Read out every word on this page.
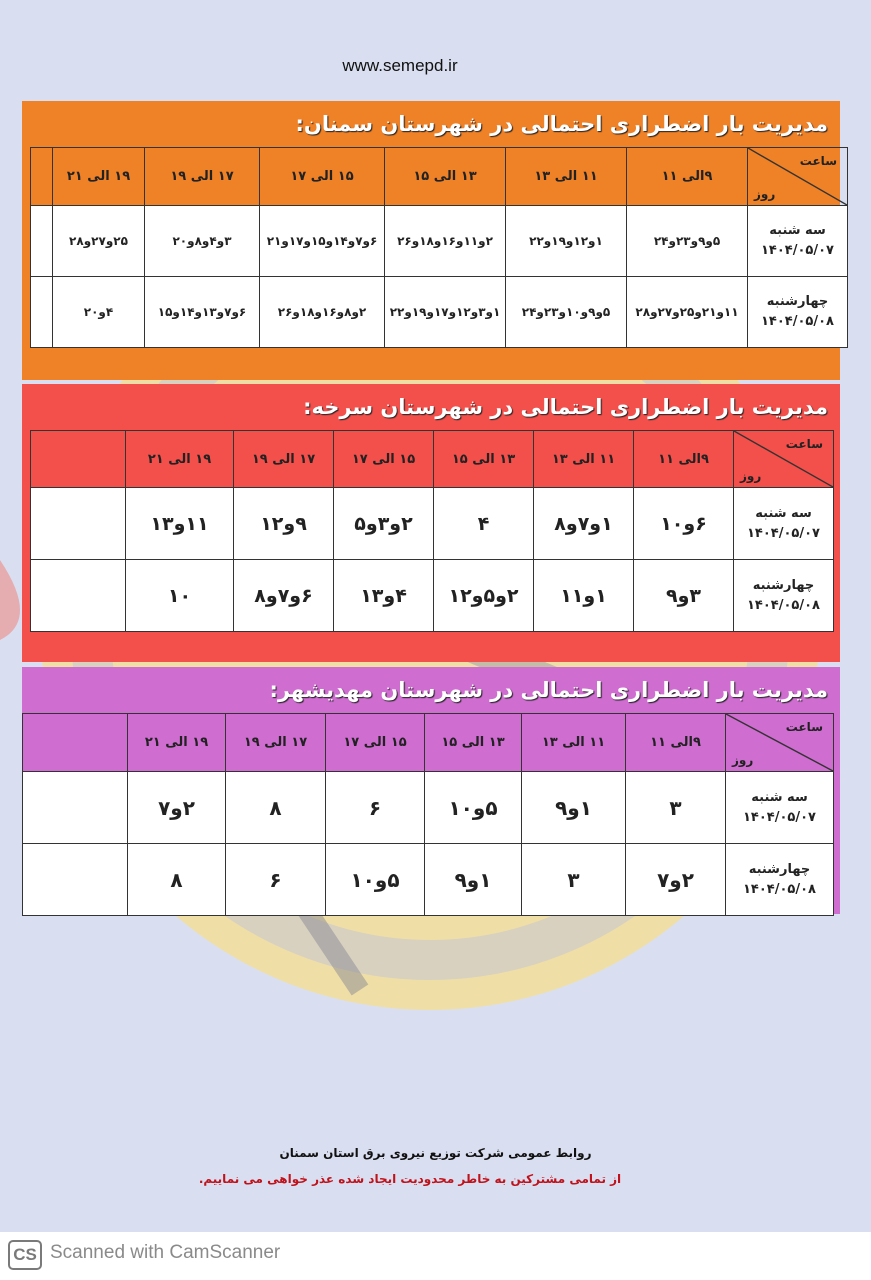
www.semepd.ir
مدیریت بار اضطراری احتمالی در شهرستان سمنان:
ساعت
روز	۹الی ۱۱	۱۱ الی ۱۳	۱۳ الی ۱۵	۱۵ الی ۱۷	۱۷ الی ۱۹	۱۹ الی ۲۱	

سه شنبه
۱۴۰۴/۰۵/۰۷	۵و۹و۲۳و۲۴	۱و۱۲و۱۹و۲۲	۲و۱۱و۱۶و۱۸و۲۶	۶و۷و۱۴و۱۵و۱۷و۲۱	۳و۴و۸و۲۰	۲۵و۲۷و۲۸	

چهارشنبه
۱۴۰۴/۰۵/۰۸	۱۱و۲۱و۲۵و۲۷و۲۸	۵و۹و۱۰و۲۳و۲۴	۱و۳و۱۲و۱۷و۱۹و۲۲	۲و۸و۱۶و۱۸و۲۶	۶و۷و۱۳و۱۴و۱۵	۴و۲۰	
مدیریت بار اضطراری احتمالی در شهرستان سرخه:
ساعت
روز	۹الی ۱۱	۱۱ الی ۱۳	۱۳ الی ۱۵	۱۵ الی ۱۷	۱۷ الی ۱۹	۱۹ الی ۲۱	

سه شنبه
۱۴۰۴/۰۵/۰۷	۶و۱۰	۱و۷و۸	۴	۲و۳و۵	۹و۱۲	۱۱و۱۳	

چهارشنبه
۱۴۰۴/۰۵/۰۸	۳و۹	۱و۱۱	۲و۵و۱۲	۴و۱۳	۶و۷و۸	۱۰	
مدیریت بار اضطراری احتمالی در شهرستان مهدیشهر:
ساعت
روز	۹الی ۱۱	۱۱ الی ۱۳	۱۳ الی ۱۵	۱۵ الی ۱۷	۱۷ الی ۱۹	۱۹ الی ۲۱	

سه شنبه
۱۴۰۴/۰۵/۰۷	۳	۱و۹	۵و۱۰	۶	۸	۲و۷	

چهارشنبه
۱۴۰۴/۰۵/۰۸	۲و۷	۳	۱و۹	۵و۱۰	۶	۸	
روابط عمومی شرکت توزیع نیروی برق استان سمنان
از تمامی مشترکین به خاطر محدودیت ایجاد شده عذر خواهی می نماییم.
CS Scanned with CamScanner
